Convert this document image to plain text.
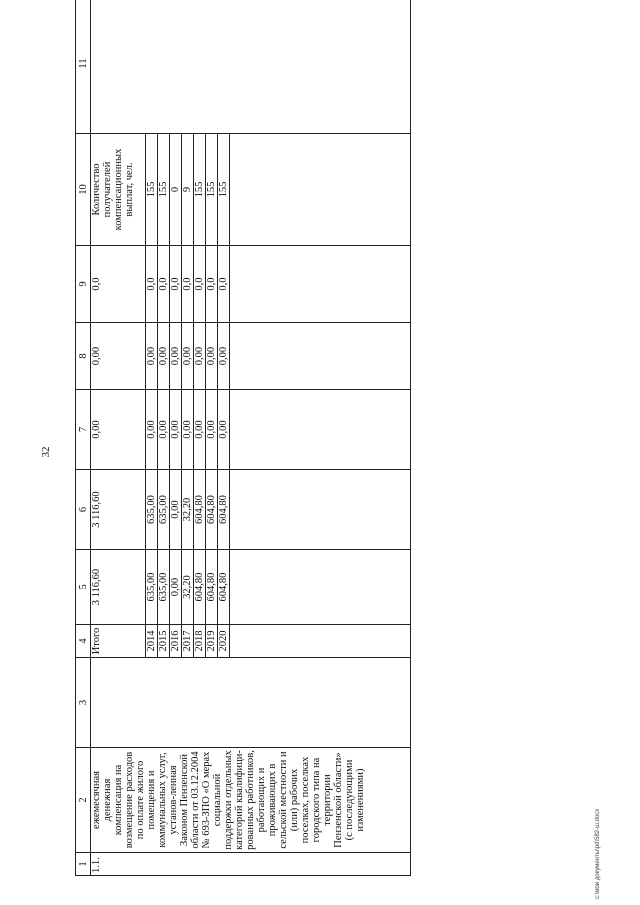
32
c:\мои документы\pd\582-ш.docx
1	2	3	4	5	6	7	8	9	10	11
1.1.	ежемесячная денежная компенсация на возмещение расходов по оплате жилого помещения и коммунальных услуг, установ-ленная Законом Пензенской области от 03.12.2004 № 693-ЗПО «О мерах социальной поддержки отдельных категорий квалифици-рованных работников, работающих и проживающих в сельской местности и (или) рабочих поселках, поселках городского типа на территории Пензенской области» (с последующими изменениями)		Итого	3 116,60	3 116,60	0,00	0,00	0,0	Количество получателей компенсационных выплат, чел.	
			2014	635,00	635,00	0,00	0,00	0,0	155	
			2015	635,00	635,00	0,00	0,00	0,0	155	
			2016	0,00	0,00	0,00	0,00	0,0	0	
			2017	32,20	32,20	0,00	0,00	0,0	9	
			2018	604,80	604,80	0,00	0,00	0,0	155	
			2019	604,80	604,80	0,00	0,00	0,0	155	
			2020	604,80	604,80	0,00	0,00	0,0	155	
